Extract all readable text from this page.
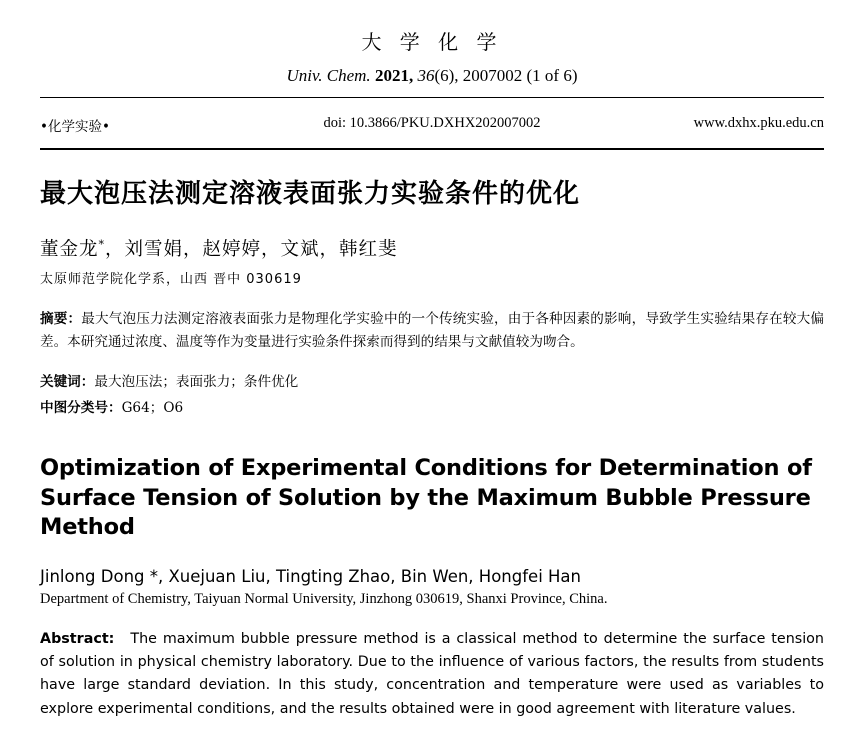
大 学 化 学
Univ. Chem. 2021, 36(6), 2007002 (1 of 6)
•化学实验•	doi: 10.3866/PKU.DXHX202007002	www.dxhx.pku.edu.cn
最大泡压法测定溶液表面张力实验条件的优化
董金龙*，刘雪娟，赵婷婷，文斌，韩红斐
太原师范学院化学系，山西 晋中 030619
摘要：最大气泡压力法测定溶液表面张力是物理化学实验中的一个传统实验，由于各种因素的影响，导致学生实验结果存在较大偏差。本研究通过浓度、温度等作为变量进行实验条件探索而得到的结果与文献值较为吻合。
关键词：最大泡压法；表面张力；条件优化
中图分类号：G64；O6
Optimization of Experimental Conditions for Determination of Surface Tension of Solution by the Maximum Bubble Pressure Method
Jinlong Dong *, Xuejuan Liu, Tingting Zhao, Bin Wen, Hongfei Han
Department of Chemistry, Taiyuan Normal University, Jinzhong 030619, Shanxi Province, China.
Abstract: The maximum bubble pressure method is a classical method to determine the surface tension of solution in physical chemistry laboratory. Due to the influence of various factors, the results from students have large standard deviation. In this study, concentration and temperature were used as variables to explore experimental conditions, and the results obtained were in good agreement with literature values.
